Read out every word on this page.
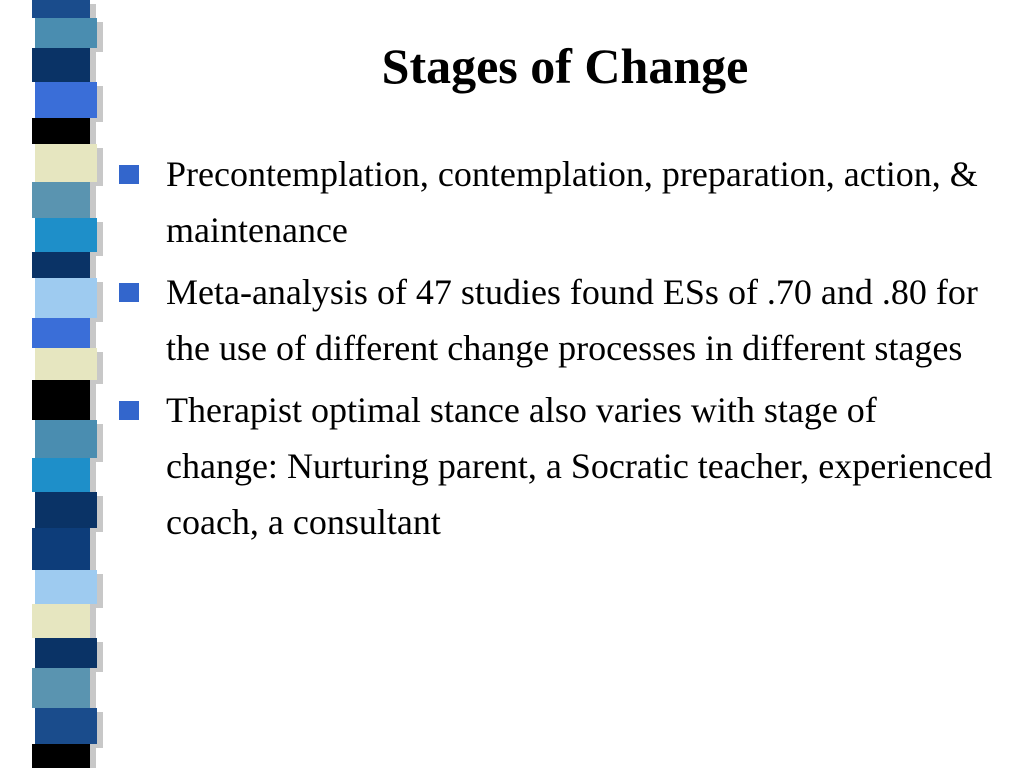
Stages of Change
Precontemplation, contemplation, preparation, action, & maintenance
Meta-analysis of 47 studies found ESs of .70 and .80 for the use of different change processes in different stages
Therapist optimal stance also varies with stage of change: Nurturing parent, a Socratic teacher, experienced coach, a consultant
